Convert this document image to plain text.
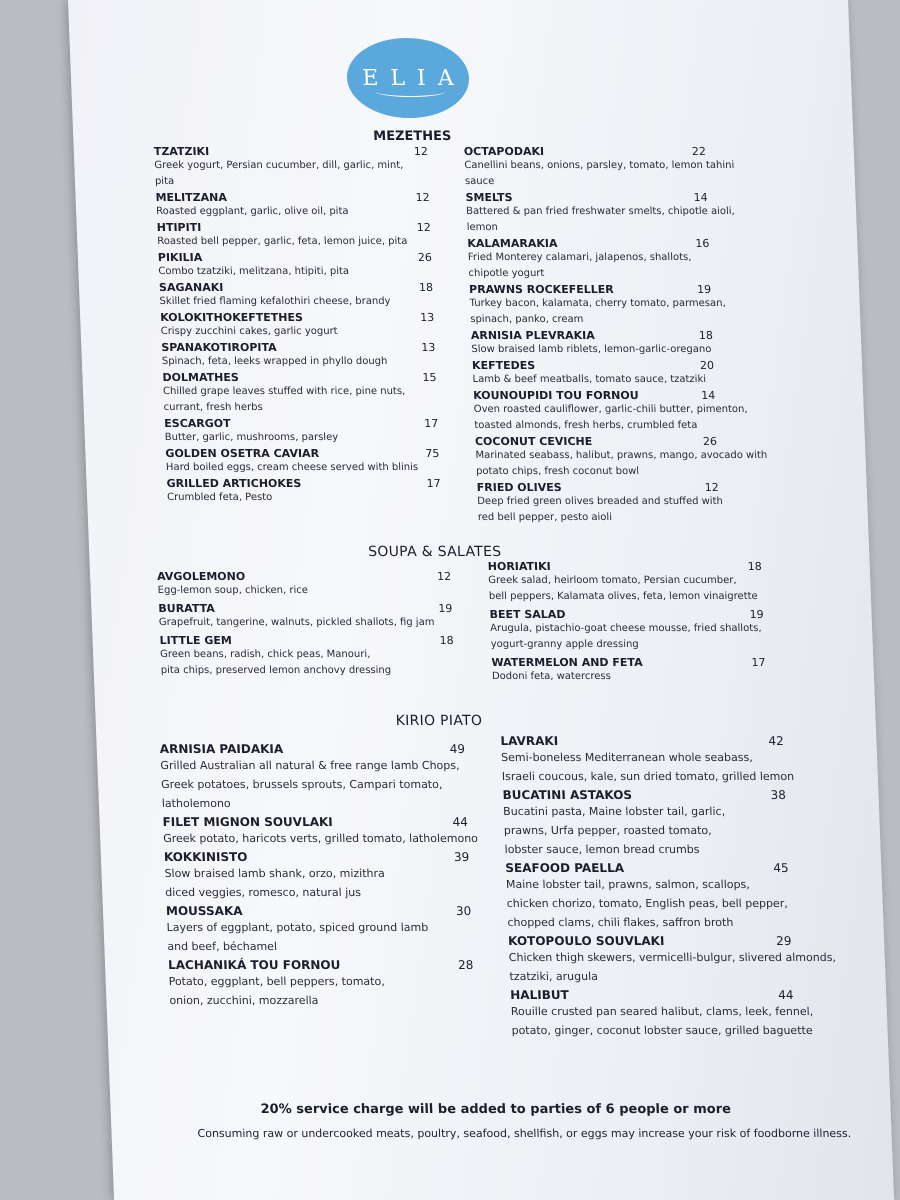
ELIA
MEZETHES
TZATZIKI	12
Greek yogurt, Persian cucumber, dill, garlic, mint, pita
MELITZANA	12
Roasted eggplant, garlic, olive oil, pita
HTIPITI	12
Roasted bell pepper, garlic, feta, lemon juice, pita
PIKILIA	26
Combo tzatziki, melitzana, htipiti, pita
SAGANAKI	18
Skillet fried flaming kefalothiri cheese, brandy
KOLOKITHOKEFTETHES	13
Crispy zucchini cakes, garlic yogurt
SPANAKOTIROPITA	13
Spinach, feta, leeks wrapped in phyllo dough
DOLMATHES	15
Chilled grape leaves stuffed with rice, pine nuts,
currant, fresh herbs
ESCARGOT	17
Butter, garlic, mushrooms, parsley
GOLDEN OSETRA CAVIAR	75
Hard boiled eggs, cream cheese served with blinis
GRILLED ARTICHOKES	17
Crumbled feta, Pesto
OCTAPODAKI	22
Canellini beans, onions, parsley, tomato, lemon tahini sauce
SMELTS	14
Battered & pan fried freshwater smelts, chipotle aioli, lemon
KALAMARAKIA	16
Fried Monterey calamari, jalapenos, shallots,
chipotle yogurt
PRAWNS ROCKEFELLER	19
Turkey bacon, kalamata, cherry tomato, parmesan,
spinach, panko, cream
ARNISIA PLEVRAKIA	18
Slow braised lamb riblets, lemon-garlic-oregano
KEFTEDES	20
Lamb & beef meatballs, tomato sauce, tzatziki
KOUNOUPIDI TOU FORNOU	14
Oven roasted cauliflower, garlic-chili butter, pimenton,
toasted almonds, fresh herbs, crumbled feta
COCONUT CEVICHE	26
Marinated seabass, halibut, prawns, mango, avocado with
potato chips, fresh coconut bowl
FRIED OLIVES	12
Deep fried green olives breaded and stuffed with
red bell pepper, pesto aioli
SOUPA & SALATES
AVGOLEMONO	12
Egg-lemon soup, chicken, rice
BURATTA	19
Grapefruit, tangerine, walnuts, pickled shallots, fig jam
LITTLE GEM	18
Green beans, radish, chick peas, Manouri,
pita chips, preserved lemon anchovy dressing
HORIATIKI	18
Greek salad, heirloom tomato, Persian cucumber,
bell peppers, Kalamata olives, feta, lemon vinaigrette
BEET SALAD	19
Arugula, pistachio-goat cheese mousse, fried shallots,
yogurt-granny apple dressing
WATERMELON AND FETA	17
Dodoni feta, watercress
KIRIO PIATO
ARNISIA PAIDAKIA	49
Grilled Australian all natural & free range lamb Chops,
Greek potatoes, brussels sprouts, Campari tomato, latholemono
FILET MIGNON SOUVLAKI	44
Greek potato, haricots verts, grilled tomato, latholemono
KOKKINISTO	39
Slow braised lamb shank, orzo, mizithra
diced veggies, romesco, natural jus
MOUSSAKA	30
Layers of eggplant, potato, spiced ground lamb
and beef, béchamel
LACHANIKÁ TOU FORNOU	28
Potato, eggplant, bell peppers, tomato,
onion, zucchini, mozzarella
LAVRAKI	42
Semi-boneless Mediterranean whole seabass,
Israeli coucous, kale, sun dried tomato, grilled lemon
BUCATINI ASTAKOS	38
Bucatini pasta, Maine lobster tail, garlic,
prawns, Urfa pepper, roasted tomato,
lobster sauce, lemon bread crumbs
SEAFOOD PAELLA	45
Maine lobster tail, prawns, salmon, scallops,
chicken chorizo, tomato, English peas, bell pepper,
chopped clams, chili flakes, saffron broth
KOTOPOULO SOUVLAKI	29
Chicken thigh skewers, vermicelli-bulgur, slivered almonds,
tzatziki, arugula
HALIBUT	44
Rouille crusted pan seared halibut, clams, leek, fennel,
potato, ginger, coconut lobster sauce, grilled baguette
20% service charge will be added to parties of 6 people or more
Consuming raw or undercooked meats, poultry, seafood, shellfish, or eggs may increase your risk of foodborne illness.
